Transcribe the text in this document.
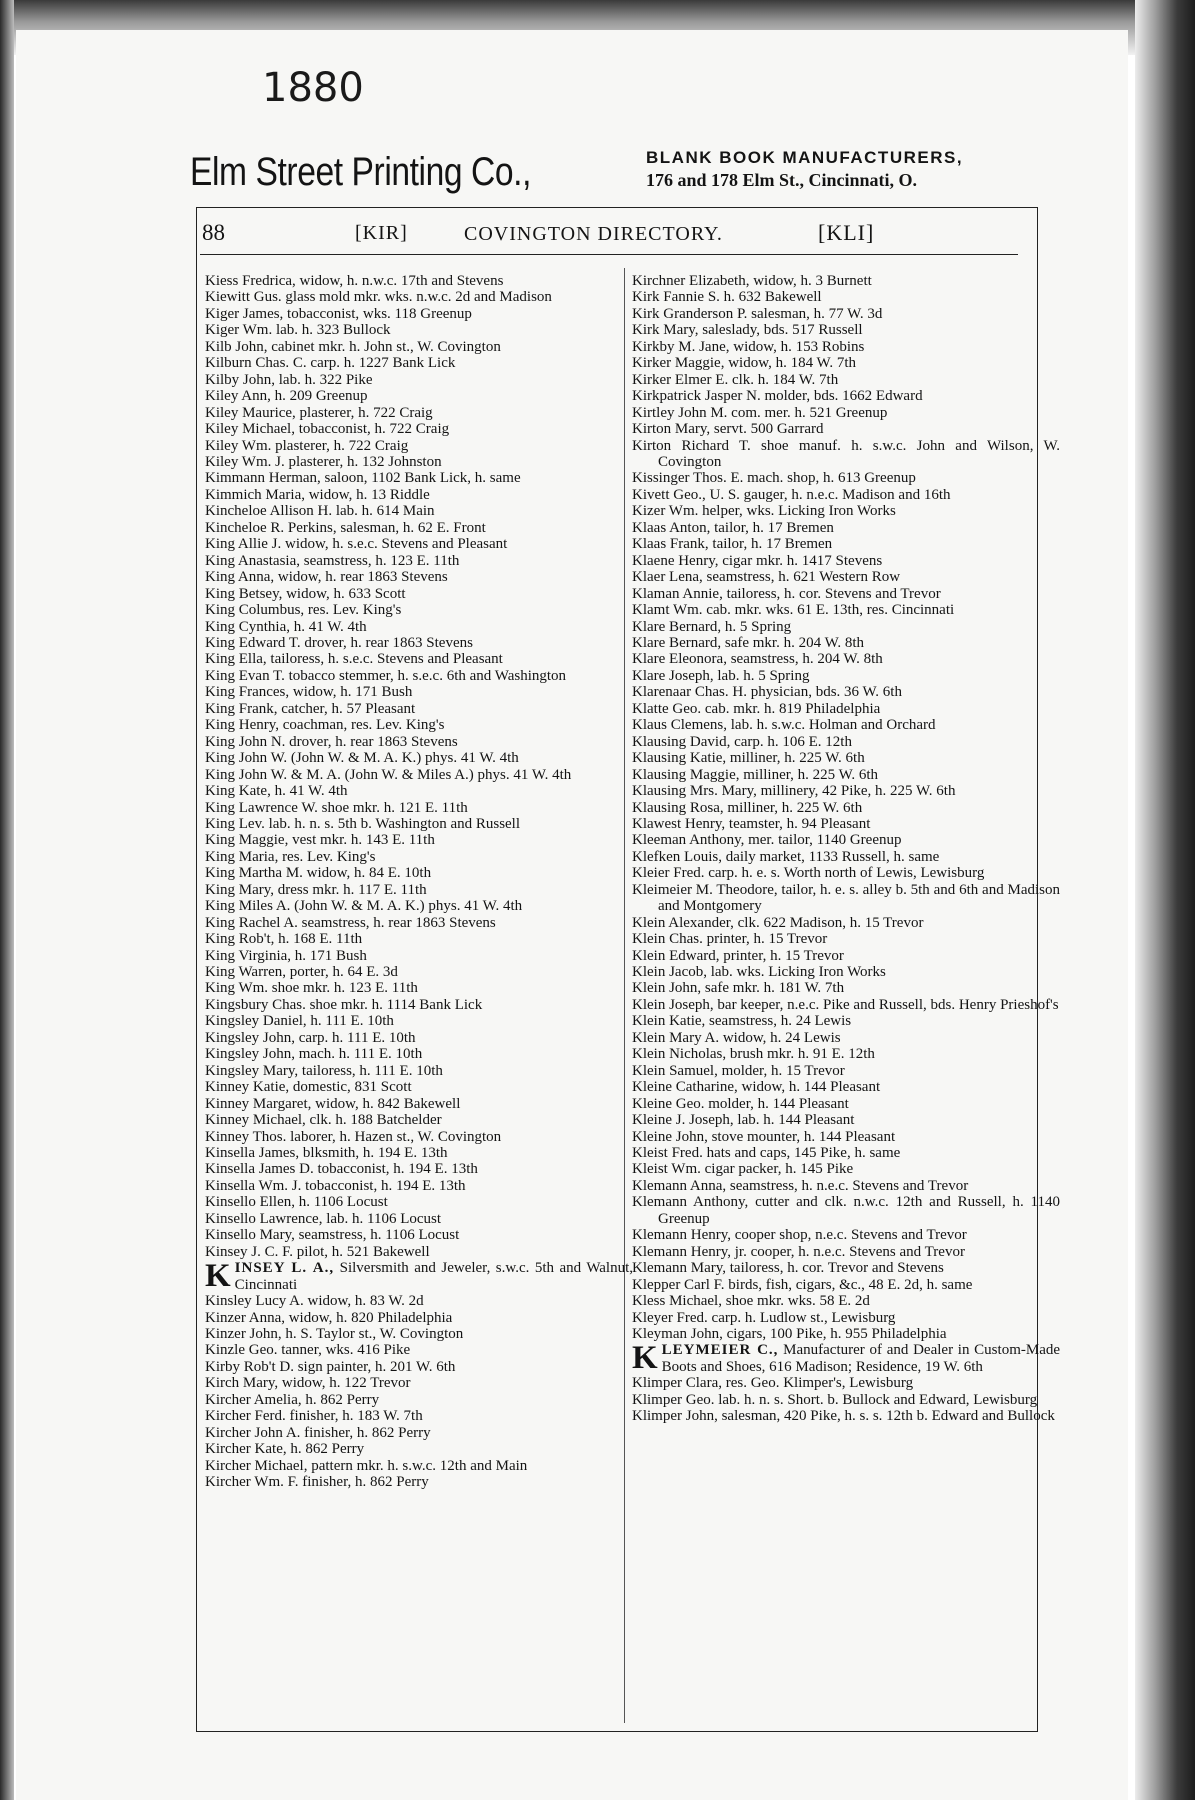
1880
Elm Street Printing Co.,	BLANK BOOK MANUFACTURERS,
176 and 178 Elm St., Cincinnati, O.
88	[KIR]	COVINGTON DIRECTORY.	[KLI]
Kiess Fredrica, widow, h. n.w.c. 17th and Stevens
Kiewitt Gus. glass mold mkr. wks. n.w.c. 2d and Madison
Kiger James, tobacconist, wks. 118 Greenup
Kiger Wm. lab. h. 323 Bullock
Kilb John, cabinet mkr. h. John st., W. Covington
Kilburn Chas. C. carp. h. 1227 Bank Lick
Kilby John, lab. h. 322 Pike
Kiley Ann, h. 209 Greenup
Kiley Maurice, plasterer, h. 722 Craig
Kiley Michael, tobacconist, h. 722 Craig
Kiley Wm. plasterer, h. 722 Craig
Kiley Wm. J. plasterer, h. 132 Johnston
Kimmann Herman, saloon, 1102 Bank Lick, h. same
Kimmich Maria, widow, h. 13 Riddle
Kincheloe Allison H. lab. h. 614 Main
Kincheloe R. Perkins, salesman, h. 62 E. Front
King Allie J. widow, h. s.e.c. Stevens and Pleasant
King Anastasia, seamstress, h. 123 E. 11th
King Anna, widow, h. rear 1863 Stevens
King Betsey, widow, h. 633 Scott
King Columbus, res. Lev. King's
King Cynthia, h. 41 W. 4th
King Edward T. drover, h. rear 1863 Stevens
King Ella, tailoress, h. s.e.c. Stevens and Pleasant
King Evan T. tobacco stemmer, h. s.e.c. 6th and Washington
King Frances, widow, h. 171 Bush
King Frank, catcher, h. 57 Pleasant
King Henry, coachman, res. Lev. King's
King John N. drover, h. rear 1863 Stevens
King John W. (John W. & M. A. K.) phys. 41 W. 4th
King John W. & M. A. (John W. & Miles A.) phys. 41 W. 4th
King Kate, h. 41 W. 4th
King Lawrence W. shoe mkr. h. 121 E. 11th
King Lev. lab. h. n. s. 5th b. Washington and Russell
King Maggie, vest mkr. h. 143 E. 11th
King Maria, res. Lev. King's
King Martha M. widow, h. 84 E. 10th
King Mary, dress mkr. h. 117 E. 11th
King Miles A. (John W. & M. A. K.) phys. 41 W. 4th
King Rachel A. seamstress, h. rear 1863 Stevens
King Rob't, h. 168 E. 11th
King Virginia, h. 171 Bush
King Warren, porter, h. 64 E. 3d
King Wm. shoe mkr. h. 123 E. 11th
Kingsbury Chas. shoe mkr. h. 1114 Bank Lick
Kingsley Daniel, h. 111 E. 10th
Kingsley John, carp. h. 111 E. 10th
Kingsley John, mach. h. 111 E. 10th
Kingsley Mary, tailoress, h. 111 E. 10th
Kinney Katie, domestic, 831 Scott
Kinney Margaret, widow, h. 842 Bakewell
Kinney Michael, clk. h. 188 Batchelder
Kinney Thos. laborer, h. Hazen st., W. Covington
Kinsella James, blksmith, h. 194 E. 13th
Kinsella James D. tobacconist, h. 194 E. 13th
Kinsella Wm. J. tobacconist, h. 194 E. 13th
Kinsello Ellen, h. 1106 Locust
Kinsello Lawrence, lab. h. 1106 Locust
Kinsello Mary, seamstress, h. 1106 Locust
Kinsey J. C. F. pilot, h. 521 Bakewell
KINSEY L. A., Silversmith and Jeweler, s.w.c. 5th and Walnut, Cincinnati
Kinsley Lucy A. widow, h. 83 W. 2d
Kinzer Anna, widow, h. 820 Philadelphia
Kinzer John, h. S. Taylor st., W. Covington
Kinzle Geo. tanner, wks. 416 Pike
Kirby Rob't D. sign painter, h. 201 W. 6th
Kirch Mary, widow, h. 122 Trevor
Kircher Amelia, h. 862 Perry
Kircher Ferd. finisher, h. 183 W. 7th
Kircher John A. finisher, h. 862 Perry
Kircher Kate, h. 862 Perry
Kircher Michael, pattern mkr. h. s.w.c. 12th and Main
Kircher Wm. F. finisher, h. 862 Perry
Kirchner Elizabeth, widow, h. 3 Burnett
Kirk Fannie S. h. 632 Bakewell
Kirk Granderson P. salesman, h. 77 W. 3d
Kirk Mary, saleslady, bds. 517 Russell
Kirkby M. Jane, widow, h. 153 Robins
Kirker Maggie, widow, h. 184 W. 7th
Kirker Elmer E. clk. h. 184 W. 7th
Kirkpatrick Jasper N. molder, bds. 1662 Edward
Kirtley John M. com. mer. h. 521 Greenup
Kirton Mary, servt. 500 Garrard
Kirton Richard T. shoe manuf. h. s.w.c. John and Wilson, W. Covington
Kissinger Thos. E. mach. shop, h. 613 Greenup
Kivett Geo., U. S. gauger, h. n.e.c. Madison and 16th
Kizer Wm. helper, wks. Licking Iron Works
Klaas Anton, tailor, h. 17 Bremen
Klaas Frank, tailor, h. 17 Bremen
Klaene Henry, cigar mkr. h. 1417 Stevens
Klaer Lena, seamstress, h. 621 Western Row
Klaman Annie, tailoress, h. cor. Stevens and Trevor
Klamt Wm. cab. mkr. wks. 61 E. 13th, res. Cincinnati
Klare Bernard, h. 5 Spring
Klare Bernard, safe mkr. h. 204 W. 8th
Klare Eleonora, seamstress, h. 204 W. 8th
Klare Joseph, lab. h. 5 Spring
Klarenaar Chas. H. physician, bds. 36 W. 6th
Klatte Geo. cab. mkr. h. 819 Philadelphia
Klaus Clemens, lab. h. s.w.c. Holman and Orchard
Klausing David, carp. h. 106 E. 12th
Klausing Katie, milliner, h. 225 W. 6th
Klausing Maggie, milliner, h. 225 W. 6th
Klausing Mrs. Mary, millinery, 42 Pike, h. 225 W. 6th
Klausing Rosa, milliner, h. 225 W. 6th
Klawest Henry, teamster, h. 94 Pleasant
Kleeman Anthony, mer. tailor, 1140 Greenup
Klefken Louis, daily market, 1133 Russell, h. same
Kleier Fred. carp. h. e. s. Worth north of Lewis, Lewisburg
Kleimeier M. Theodore, tailor, h. e. s. alley b. 5th and 6th and Madison and Montgomery
Klein Alexander, clk. 622 Madison, h. 15 Trevor
Klein Chas. printer, h. 15 Trevor
Klein Edward, printer, h. 15 Trevor
Klein Jacob, lab. wks. Licking Iron Works
Klein John, safe mkr. h. 181 W. 7th
Klein Joseph, bar keeper, n.e.c. Pike and Russell, bds. Henry Prieshof's
Klein Katie, seamstress, h. 24 Lewis
Klein Mary A. widow, h. 24 Lewis
Klein Nicholas, brush mkr. h. 91 E. 12th
Klein Samuel, molder, h. 15 Trevor
Kleine Catharine, widow, h. 144 Pleasant
Kleine Geo. molder, h. 144 Pleasant
Kleine J. Joseph, lab. h. 144 Pleasant
Kleine John, stove mounter, h. 144 Pleasant
Kleist Fred. hats and caps, 145 Pike, h. same
Kleist Wm. cigar packer, h. 145 Pike
Klemann Anna, seamstress, h. n.e.c. Stevens and Trevor
Klemann Anthony, cutter and clk. n.w.c. 12th and Russell, h. 1140 Greenup
Klemann Henry, cooper shop, n.e.c. Stevens and Trevor
Klemann Henry, jr. cooper, h. n.e.c. Stevens and Trevor
Klemann Mary, tailoress, h. cor. Trevor and Stevens
Klepper Carl F. birds, fish, cigars, &c., 48 E. 2d, h. same
Kless Michael, shoe mkr. wks. 58 E. 2d
Kleyer Fred. carp. h. Ludlow st., Lewisburg
Kleyman John, cigars, 100 Pike, h. 955 Philadelphia
KLEYMEIER C., Manufacturer of and Dealer in Custom-Made Boots and Shoes, 616 Madison; Residence, 19 W. 6th
Klimper Clara, res. Geo. Klimper's, Lewisburg
Klimper Geo. lab. h. n. s. Short. b. Bullock and Edward, Lewisburg
Klimper John, salesman, 420 Pike, h. s. s. 12th b. Edward and Bullock
